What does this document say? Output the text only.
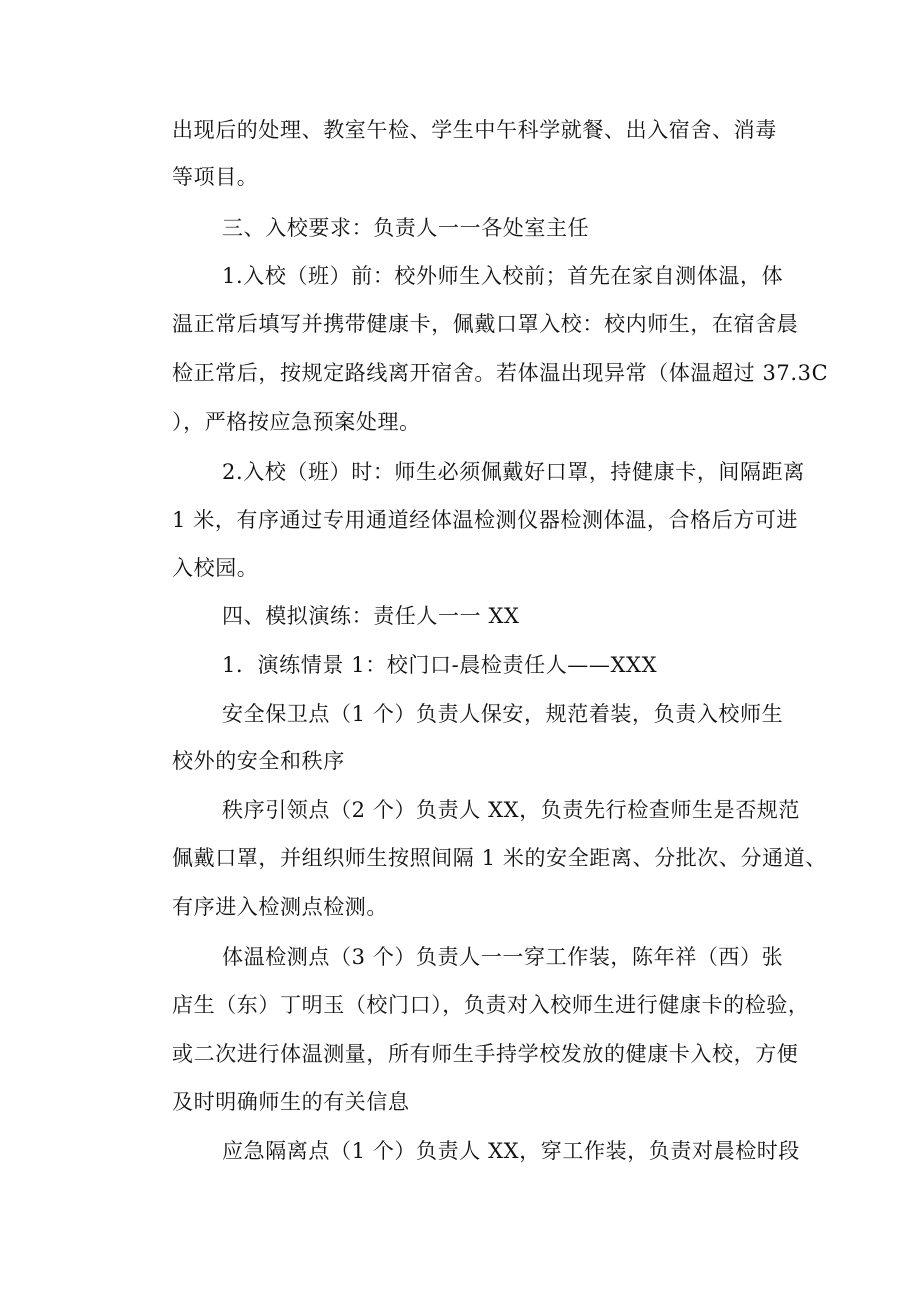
出现后的处理、教室午检、学生中午科学就餐、出入宿舍、消毒
等项目。
三、入校要求：负责人一一各处室主任
1.入校（班）前：校外师生入校前；首先在家自测体温，体
温正常后填写并携带健康卡，佩戴口罩入校：校内师生，在宿舍晨
检正常后，按规定路线离开宿舍。若体温出现异常（体温超过 37.3C
），严格按应急预案处理。
2.入校（班）时：师生必须佩戴好口罩，持健康卡，间隔距离
1 米，有序通过专用通道经体温检测仪器检测体温，合格后方可进
入校园。
四、模拟演练：责任人一一 XX
1．演练情景 1：校门口-晨检责任人——XXX
安全保卫点（1 个）负责人保安，规范着装，负责入校师生
校外的安全和秩序
秩序引领点（2 个）负责人 XX，负责先行检查师生是否规范
佩戴口罩，并组织师生按照间隔 1 米的安全距离、分批次、分通道、
有序进入检测点检测。
体温检测点（3 个）负责人一一穿工作装，陈年祥（西）张
店生（东）丁明玉（校门口），负责对入校师生进行健康卡的检验，
或二次进行体温测量，所有师生手持学校发放的健康卡入校，方便
及时明确师生的有关信息
应急隔离点（1 个）负责人 XX，穿工作装，负责对晨检时段
